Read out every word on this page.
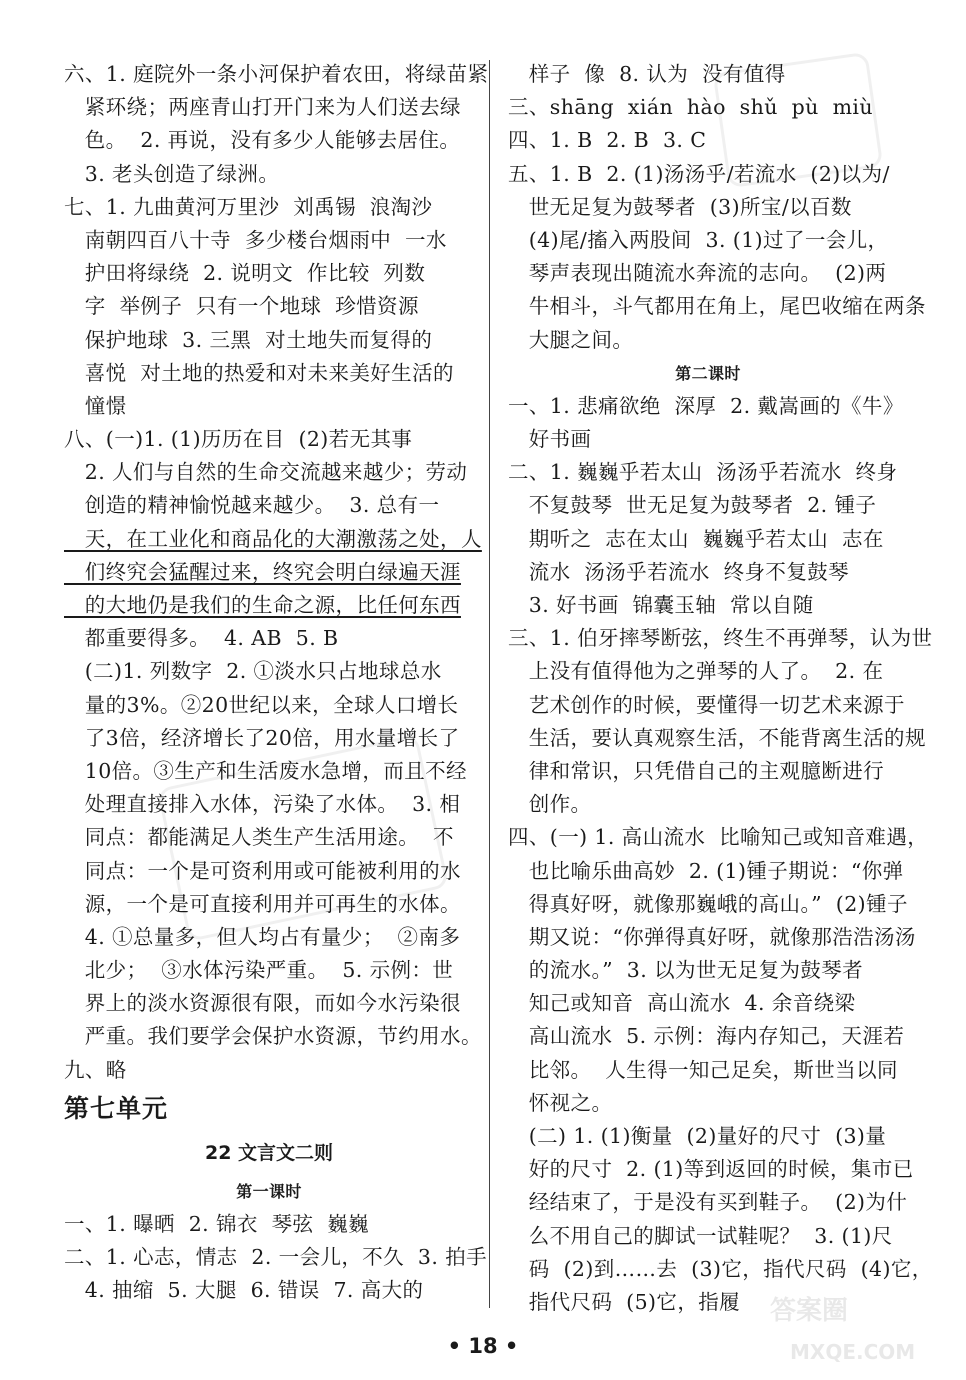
六、1. 庭院外一条小河保护着农田，将绿苗紧
紧环绕；两座青山打开门来为人们送去绿
色。  2. 再说，没有多少人能够去居住。
3. 老头创造了绿洲。
七、1. 九曲黄河万里沙  刘禹锡  浪淘沙
南朝四百八十寺  多少楼台烟雨中  一水
护田将绿绕  2. 说明文  作比较  列数
字  举例子  只有一个地球  珍惜资源
保护地球  3. 三黑  对土地失而复得的
喜悦  对土地的热爱和对未来美好生活的
憧憬
八、(一)1. (1)历历在目  (2)若无其事
2. 人们与自然的生命交流越来越少；劳动
创造的精神愉悦越来越少。  3. 总有一
天，在工业化和商品化的大潮激荡之处，人
们终究会猛醒过来，终究会明白绿遍天涯
的大地仍是我们的生命之源，比任何东西
都重要得多。  4. AB  5. B
(二)1. 列数字  2. ①淡水只占地球总水
量的3%。②20世纪以来，全球人口增长
了3倍，经济增长了20倍，用水量增长了
10倍。③生产和生活废水急增，而且不经
处理直接排入水体，污染了水体。  3. 相
同点：都能满足人类生产生活用途。  不
同点：一个是可资利用或可能被利用的水
源，一个是可直接利用并可再生的水体。
4. ①总量多，但人均占有量少；  ②南多
北少；  ③水体污染严重。  5. 示例：世
界上的淡水资源很有限，而如今水污染很
严重。我们要学会保护水资源，节约用水。
九、略
第七单元
22 文言文二则
第一课时
一、1. 曝晒  2. 锦衣  琴弦  巍巍
二、1. 心志，情志  2. 一会儿，不久  3. 拍手
4. 抽缩  5. 大腿  6. 错误  7. 高大的
样子  像  8. 认为  没有值得
三、shāng  xián  hào  shǔ  pù  miù
四、1. B  2. B  3. C
五、1. B  2. (1)汤汤乎/若流水  (2)以为/
世无足复为鼓琴者  (3)所宝/以百数
(4)尾/搐入两股间  3. (1)过了一会儿，
琴声表现出随流水奔流的志向。  (2)两
牛相斗，斗气都用在角上，尾巴收缩在两条
大腿之间。
第二课时
一、1. 悲痛欲绝  深厚  2. 戴嵩画的《牛》
好书画
二、1. 巍巍乎若太山  汤汤乎若流水  终身
不复鼓琴  世无足复为鼓琴者  2. 锺子
期听之  志在太山  巍巍乎若太山  志在
流水  汤汤乎若流水  终身不复鼓琴
3. 好书画  锦囊玉轴  常以自随
三、1. 伯牙摔琴断弦，终生不再弹琴，认为世
上没有值得他为之弹琴的人了。  2. 在
艺术创作的时候，要懂得一切艺术来源于
生活，要认真观察生活，不能背离生活的规
律和常识，只凭借自己的主观臆断进行
创作。
四、(一) 1. 高山流水  比喻知己或知音难遇，
也比喻乐曲高妙  2. (1)锺子期说：“你弹
得真好呀，就像那巍峨的高山。”  (2)锺子
期又说：“你弹得真好呀，就像那浩浩汤汤
的流水。”  3. 以为世无足复为鼓琴者
知己或知音  高山流水  4. 余音绕梁
高山流水  5. 示例：海内存知己，天涯若
比邻。  人生得一知己足矣，斯世当以同
怀视之。
(二) 1. (1)衡量  (2)量好的尺寸  (3)量
好的尺寸  2. (1)等到返回的时候，集市已
经结束了，于是没有买到鞋子。  (2)为什
么不用自己的脚试一试鞋呢？  3. (1)尺
码  (2)到……去  (3)它，指代尺码  (4)它，
指代尺码  (5)它，指履
• 18 •
答案圈
MXQE.COM
